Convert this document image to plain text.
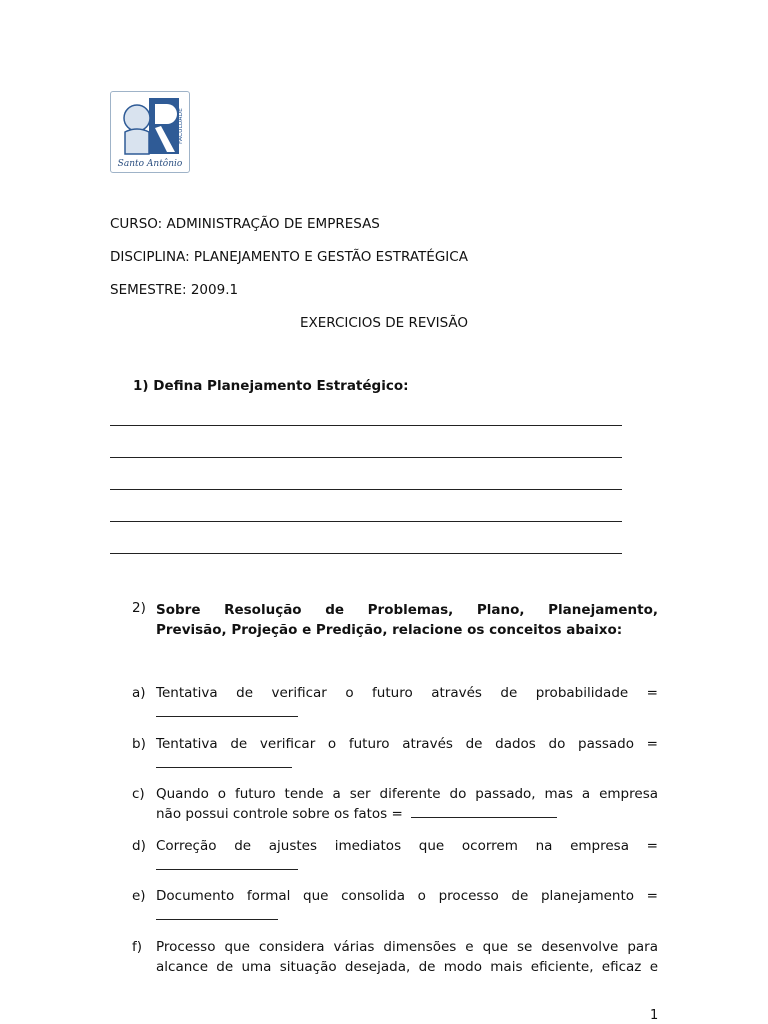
FACULDADE
Santo Antônio
CURSO: ADMINISTRAÇÃO DE EMPRESAS
DISCIPLINA: PLANEJAMENTO E GESTÃO ESTRATÉGICA
SEMESTRE: 2009.1
EXERCICIOS DE REVISÃO
1) Defina Planejamento Estratégico:
2) Sobre Resolução de Problemas, Plano, Planejamento,
Previsão, Projeção e Predição, relacione os conceitos abaixo:
a) Tentativa de verificar o futuro através de probabilidade =
b) Tentativa de verificar o futuro através de dados do passado =
c) Quando o futuro tende a ser diferente do passado, mas a empresa
não possui controle sobre os fatos =
d) Correção de ajustes imediatos que ocorrem na empresa =
e) Documento formal que consolida o processo de planejamento =
f) Processo que considera várias dimensões e que se desenvolve para
alcance de uma situação desejada, de modo mais eficiente, eficaz e
1
